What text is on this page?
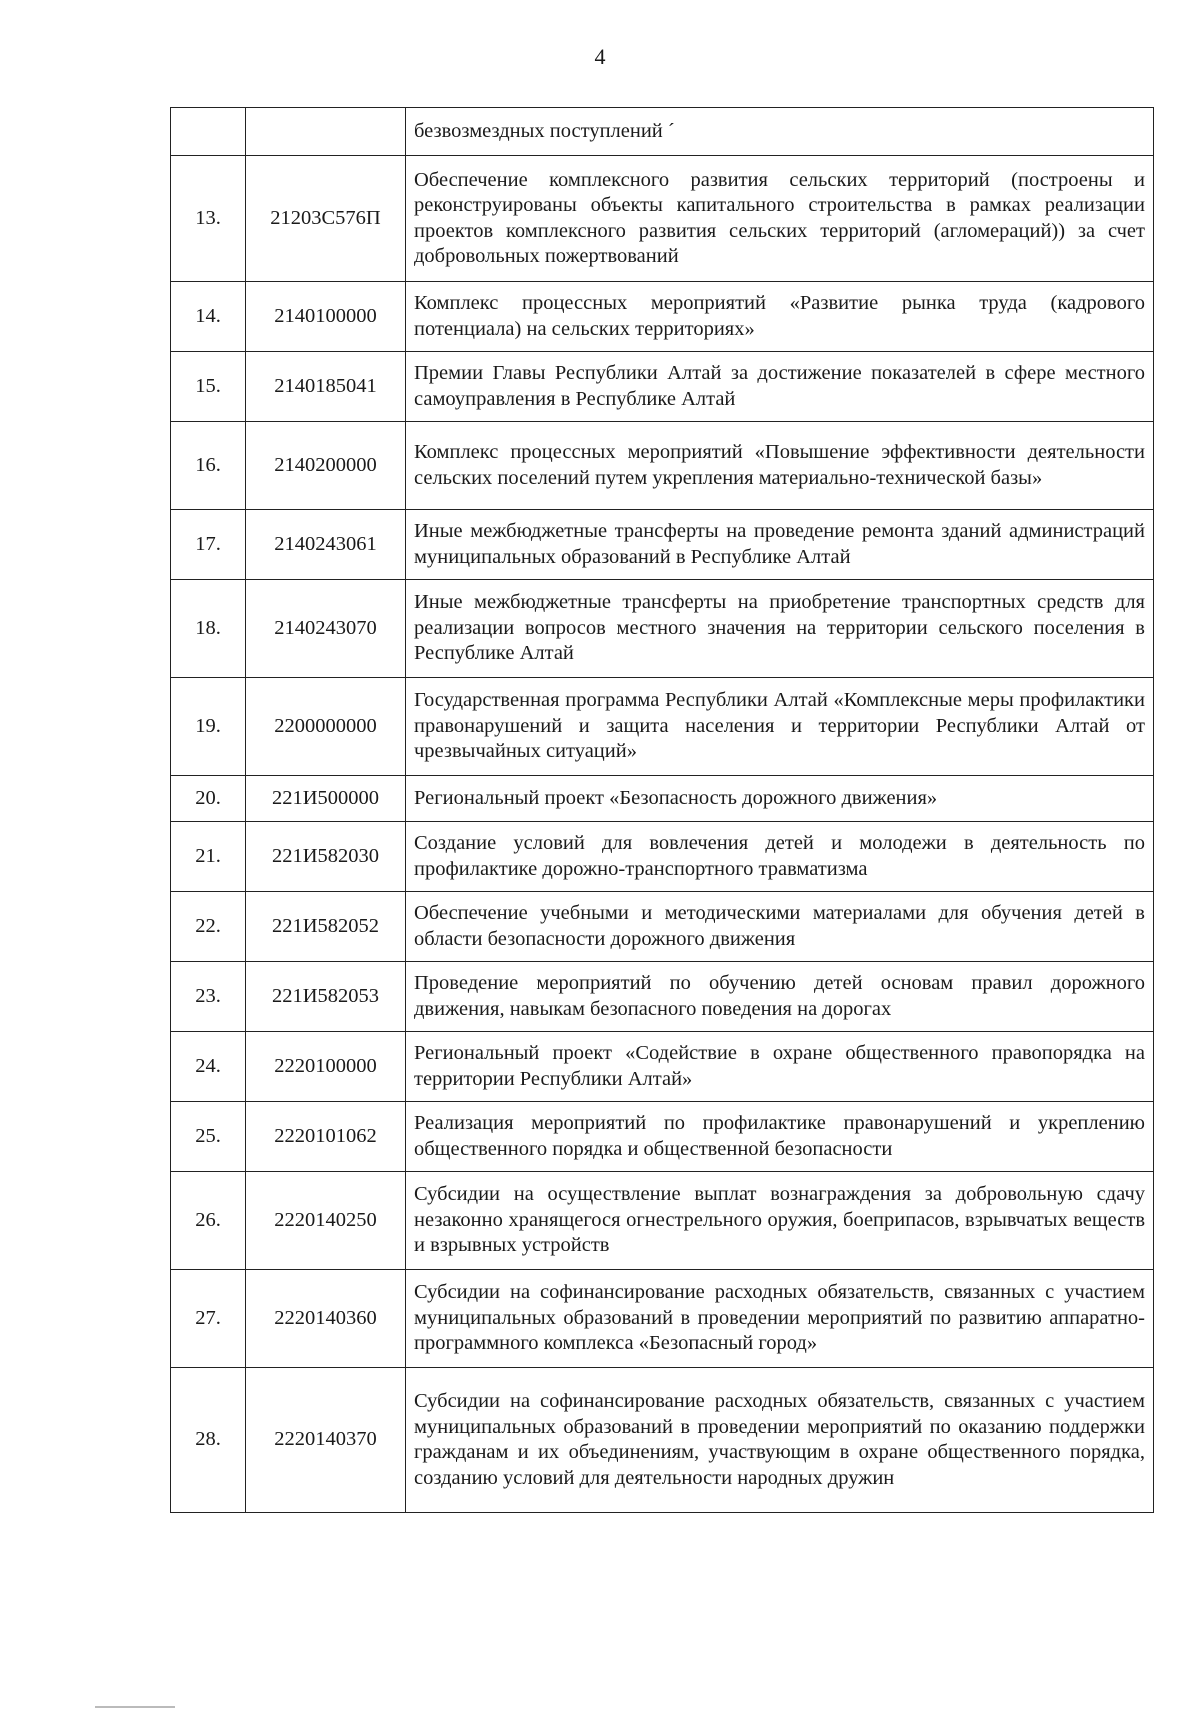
4
		безвозмездных поступлений ´
13.	21203С576П	Обеспечение комплексного развития сельских территорий (построены и реконструированы объекты капитального строительства в рамках реализации проектов комплексного развития сельских территорий (агломераций)) за счет добровольных пожертвований
14.	2140100000	Комплекс процессных мероприятий «Развитие рынка труда (кадрового потенциала) на сельских территориях»
15.	2140185041	Премии Главы Республики Алтай за достижение показателей в сфере местного самоуправления в Республике Алтай
16.	2140200000	Комплекс процессных мероприятий «Повышение эффективности деятельности сельских поселений путем укрепления материально-технической базы»
17.	2140243061	Иные межбюджетные трансферты на проведение ремонта зданий администраций муниципальных образований в Республике Алтай
18.	2140243070	Иные межбюджетные трансферты на приобретение транспортных средств для реализации вопросов местного значения на территории сельского поселения в Республике Алтай
19.	2200000000	Государственная программа Республики Алтай «Комплексные меры профилактики правонарушений и защита населения и территории Республики Алтай от чрезвычайных ситуаций»
20.	221И500000	Региональный проект «Безопасность дорожного движения»
21.	221И582030	Создание условий для вовлечения детей и молодежи в деятельность по профилактике дорожно-транспортного травматизма
22.	221И582052	Обеспечение учебными и методическими материалами для обучения детей в области безопасности дорожного движения
23.	221И582053	Проведение мероприятий по обучению детей основам правил дорожного движения, навыкам безопасного поведения на дорогах
24.	2220100000	Региональный проект «Содействие в охране общественного правопорядка на территории Республики Алтай»
25.	2220101062	Реализация мероприятий по профилактике правонарушений и укреплению общественного порядка и общественной безопасности
26.	2220140250	Субсидии на осуществление выплат вознаграждения за добровольную сдачу незаконно хранящегося огнестрельного оружия, боеприпасов, взрывчатых веществ и взрывных устройств
27.	2220140360	Субсидии на софинансирование расходных обязательств, связанных с участием муниципальных образований в проведении мероприятий по развитию аппаратно-программного комплекса «Безопасный город»
28.	2220140370	Субсидии на софинансирование расходных обязательств, связанных с участием муниципальных образований в проведении мероприятий по оказанию поддержки гражданам и их объединениям, участвующим в охране общественного порядка, созданию условий для деятельности народных дружин
